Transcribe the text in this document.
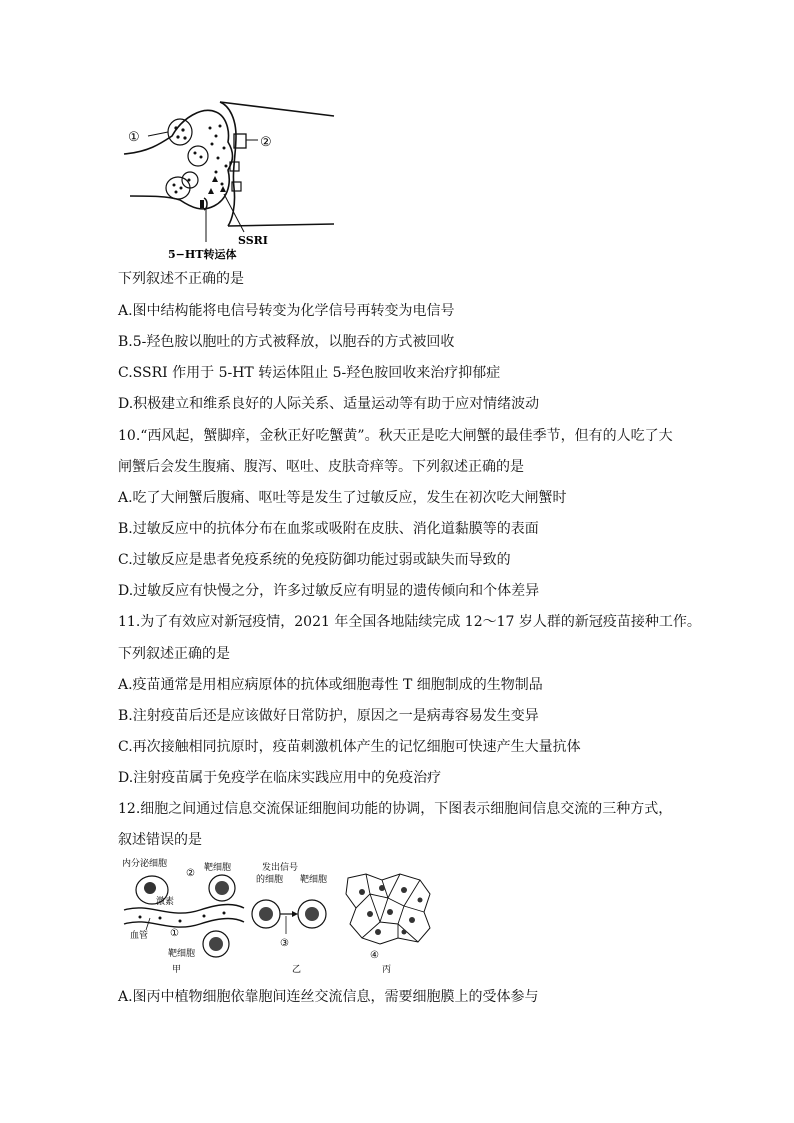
①	②
SSRI
5−HT转运体
下列叙述不正确的是
A.图中结构能将电信号转变为化学信号再转变为电信号
B.5-羟色胺以胞吐的方式被释放，以胞吞的方式被回收
C.SSRI 作用于 5-HT 转运体阻止 5-羟色胺回收来治疗抑郁症
D.积极建立和维系良好的人际关系、适量运动等有助于应对情绪波动
10.“西风起，蟹脚痒，金秋正好吃蟹黄”。秋天正是吃大闸蟹的最佳季节，但有的人吃了大
闸蟹后会发生腹痛、腹泻、呕吐、皮肤奇痒等。下列叙述正确的是
A.吃了大闸蟹后腹痛、呕吐等是发生了过敏反应，发生在初次吃大闸蟹时
B.过敏反应中的抗体分布在血浆或吸附在皮肤、消化道黏膜等的表面
C.过敏反应是患者免疫系统的免疫防御功能过弱或缺失而导致的
D.过敏反应有快慢之分，许多过敏反应有明显的遗传倾向和个体差异
11.为了有效应对新冠疫情，2021 年全国各地陆续完成 12～17 岁人群的新冠疫苗接种工作。
下列叙述正确的是
A.疫苗通常是用相应病原体的抗体或细胞毒性 T 细胞制成的生物制品
B.注射疫苗后还是应该做好日常防护，原因之一是病毒容易发生变异
C.再次接触相同抗原时，疫苗刺激机体产生的记忆细胞可快速产生大量抗体
D.注射疫苗属于免疫学在临床实践应用中的免疫治疗
12.细胞之间通过信息交流保证细胞间功能的协调，下图表示细胞间信息交流的三种方式，
叙述错误的是
内分泌细胞	靶细胞
②
激素
①
血管
靶细胞
甲
发出信号
的细胞 靶细胞
③
乙
④
丙
A.图丙中植物细胞依靠胞间连丝交流信息，需要细胞膜上的受体参与
